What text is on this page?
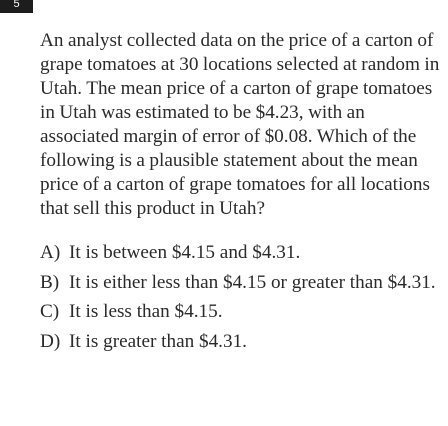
5

An analyst collected data on the price of a carton of grape tomatoes at 30 locations selected at random in Utah. The mean price of a carton of grape tomatoes in Utah was estimated to be $4.23, with an associated margin of error of $0.08. Which of the following is a plausible statement about the mean price of a carton of grape tomatoes for all locations that sell this product in Utah?

A) It is between $4.15 and $4.31.
B) It is either less than $4.15 or greater than $4.31.
C) It is less than $4.15.
D) It is greater than $4.31.
